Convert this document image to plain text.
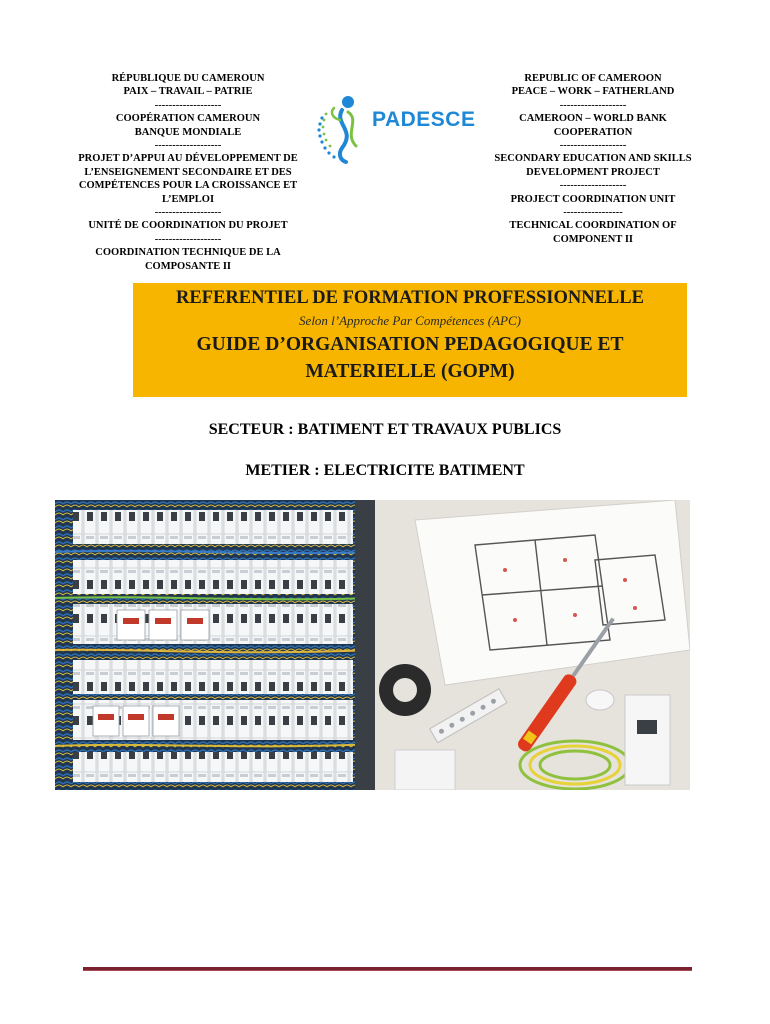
RÉPUBLIQUE DU CAMEROUN
PAIX – TRAVAIL – PATRIE
-------------------
COOPÉRATION CAMEROUN
BANQUE MONDIALE
-------------------
PROJET D’APPUI AU DÉVELOPPEMENT DE
L’ENSEIGNEMENT SECONDAIRE ET DES
COMPÉTENCES POUR LA CROISSANCE ET
L’EMPLOI
-------------------
UNITÉ DE COORDINATION DU PROJET
-------------------
COORDINATION TECHNIQUE DE LA
COMPOSANTE II
PADESCE
REPUBLIC OF CAMEROON
PEACE – WORK – FATHERLAND
-------------------
CAMEROON – WORLD BANK
COOPERATION
-------------------
SECONDARY EDUCATION AND SKILLS
DEVELOPMENT PROJECT
-------------------
PROJECT COORDINATION UNIT
-----------------
TECHNICAL COORDINATION OF
COMPONENT II
REFERENTIEL DE FORMATION PROFESSIONNELLE
Selon l’Approche Par Compétences (APC)
GUIDE D’ORGANISATION PEDAGOGIQUE ET
MATERIELLE (GOPM)
SECTEUR : BATIMENT ET TRAVAUX PUBLICS
METIER : ELECTRICITE BATIMENT
